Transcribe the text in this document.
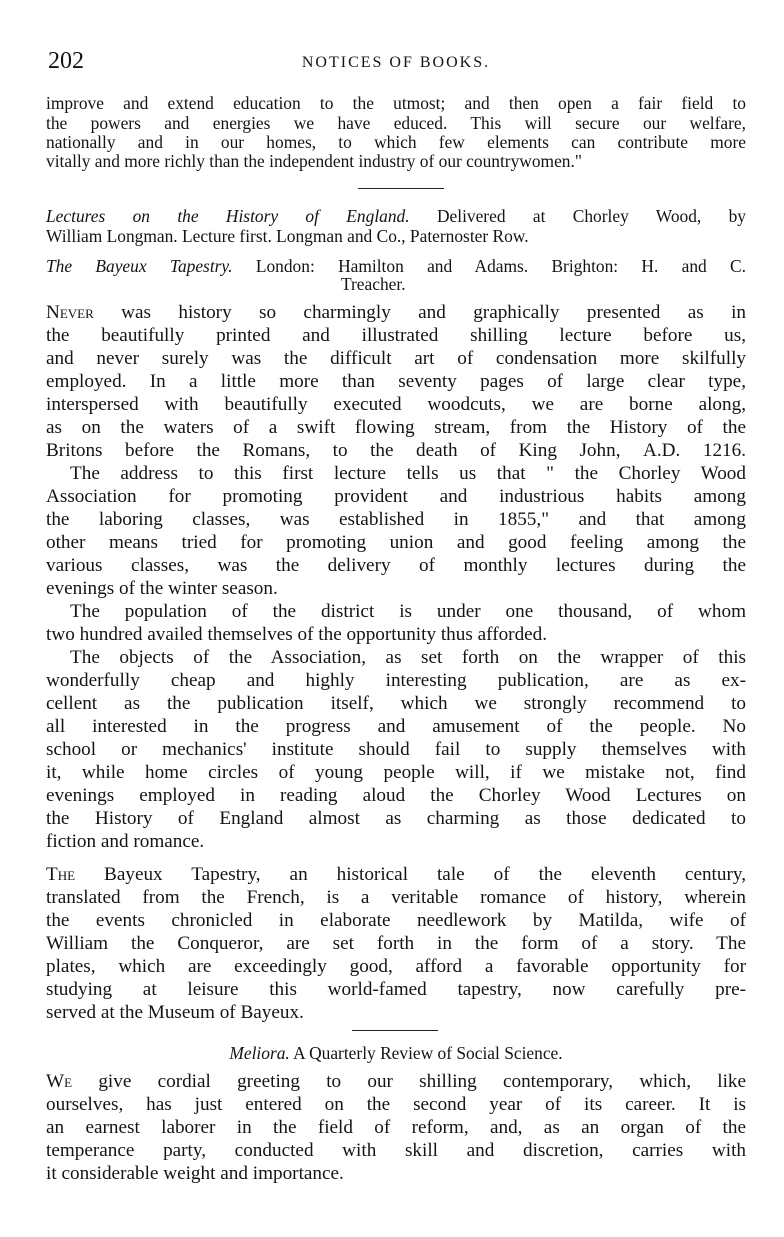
202	NOTICES OF BOOKS.
improve and extend education to the utmost; and then open a fair field to
the powers and energies we have educed. This will secure our welfare,
nationally and in our homes, to which few elements can contribute more
vitally and more richly than the independent industry of our countrywomen."
Lectures on the History of England. Delivered at Chorley Wood, by
William Longman. Lecture first. Longman and Co., Paternoster Row.
The Bayeux Tapestry. London: Hamilton and Adams. Brighton: H. and C.
Treacher.
Never was history so charmingly and graphically presented as in
the beautifully printed and illustrated shilling lecture before us,
and never surely was the difficult art of condensation more skilfully
employed. In a little more than seventy pages of large clear type,
interspersed with beautifully executed woodcuts, we are borne along,
as on the waters of a swift flowing stream, from the History of the
Britons before the Romans, to the death of King John, A.D. 1216.
The address to this first lecture tells us that " the Chorley Wood
Association for promoting provident and industrious habits among
the laboring classes, was established in 1855," and that among
other means tried for promoting union and good feeling among the
various classes, was the delivery of monthly lectures during the
evenings of the winter season.
The population of the district is under one thousand, of whom
two hundred availed themselves of the opportunity thus afforded.
The objects of the Association, as set forth on the wrapper of this
wonderfully cheap and highly interesting publication, are as ex-
cellent as the publication itself, which we strongly recommend to
all interested in the progress and amusement of the people. No
school or mechanics' institute should fail to supply themselves with
it, while home circles of young people will, if we mistake not, find
evenings employed in reading aloud the Chorley Wood Lectures on
the History of England almost as charming as those dedicated to
fiction and romance.
The Bayeux Tapestry, an historical tale of the eleventh century,
translated from the French, is a veritable romance of history, wherein
the events chronicled in elaborate needlework by Matilda, wife of
William the Conqueror, are set forth in the form of a story. The
plates, which are exceedingly good, afford a favorable opportunity for
studying at leisure this world-famed tapestry, now carefully pre-
served at the Museum of Bayeux.
Meliora. A Quarterly Review of Social Science.
We give cordial greeting to our shilling contemporary, which, like
ourselves, has just entered on the second year of its career. It is
an earnest laborer in the field of reform, and, as an organ of the
temperance party, conducted with skill and discretion, carries with
it considerable weight and importance.
